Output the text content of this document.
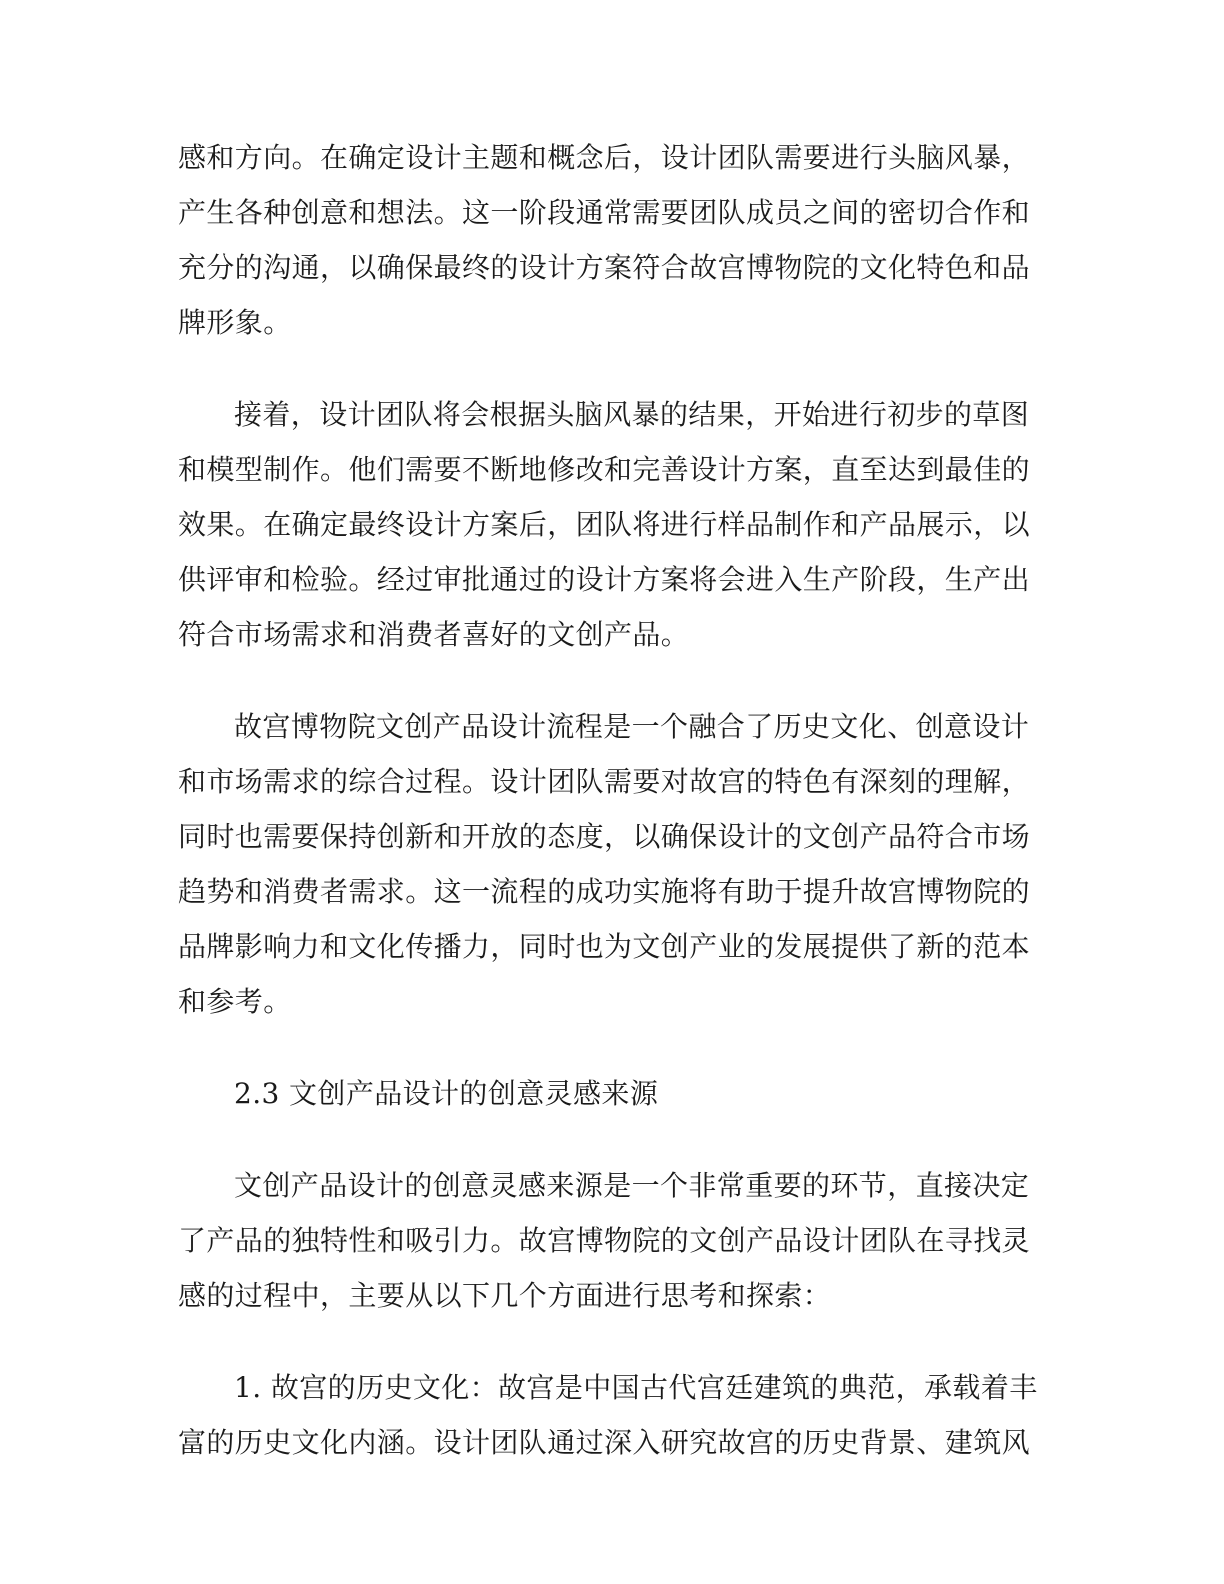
感和方向。在确定设计主题和概念后，设计团队需要进行头脑风暴，
产生各种创意和想法。这一阶段通常需要团队成员之间的密切合作和
充分的沟通，以确保最终的设计方案符合故宫博物院的文化特色和品
牌形象。
接着，设计团队将会根据头脑风暴的结果，开始进行初步的草图
和模型制作。他们需要不断地修改和完善设计方案，直至达到最佳的
效果。在确定最终设计方案后，团队将进行样品制作和产品展示，以
供评审和检验。经过审批通过的设计方案将会进入生产阶段，生产出
符合市场需求和消费者喜好的文创产品。
故宫博物院文创产品设计流程是一个融合了历史文化、创意设计
和市场需求的综合过程。设计团队需要对故宫的特色有深刻的理解，
同时也需要保持创新和开放的态度，以确保设计的文创产品符合市场
趋势和消费者需求。这一流程的成功实施将有助于提升故宫博物院的
品牌影响力和文化传播力，同时也为文创产业的发展提供了新的范本
和参考。
2.3 文创产品设计的创意灵感来源
文创产品设计的创意灵感来源是一个非常重要的环节，直接决定
了产品的独特性和吸引力。故宫博物院的文创产品设计团队在寻找灵
感的过程中，主要从以下几个方面进行思考和探索：
1. 故宫的历史文化：故宫是中国古代宫廷建筑的典范，承载着丰
富的历史文化内涵。设计团队通过深入研究故宫的历史背景、建筑风
